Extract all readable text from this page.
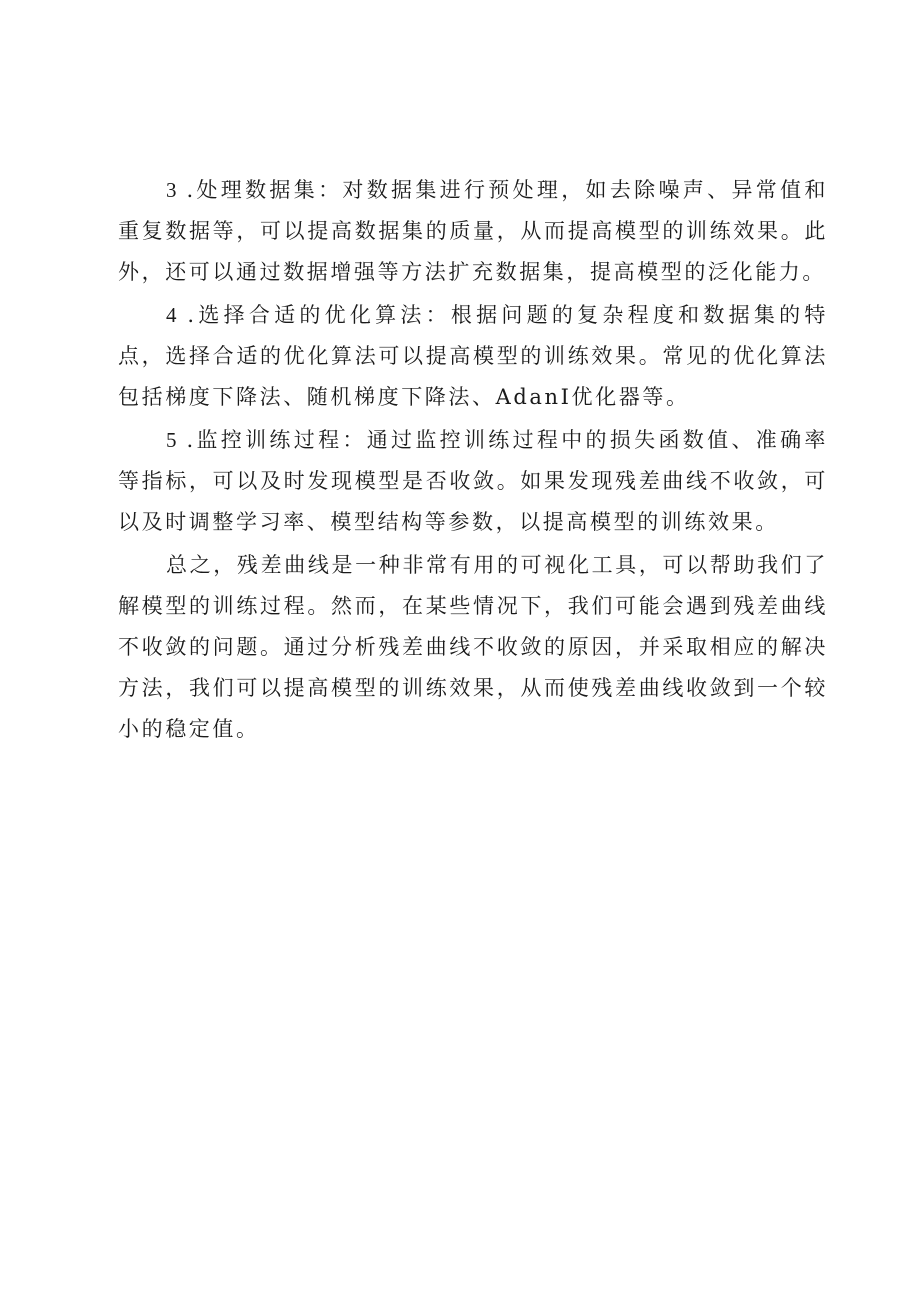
3 .处理数据集：对数据集进行预处理，如去除噪声、异常值和重复数据等，可以提高数据集的质量，从而提高模型的训练效果。此外，还可以通过数据增强等方法扩充数据集，提高模型的泛化能力。

4 .选择合适的优化算法：根据问题的复杂程度和数据集的特点，选择合适的优化算法可以提高模型的训练效果。常见的优化算法包括梯度下降法、随机梯度下降法、AdanI优化器等。

5 .监控训练过程：通过监控训练过程中的损失函数值、准确率等指标，可以及时发现模型是否收敛。如果发现残差曲线不收敛，可以及时调整学习率、模型结构等参数，以提高模型的训练效果。

总之，残差曲线是一种非常有用的可视化工具，可以帮助我们了解模型的训练过程。然而，在某些情况下，我们可能会遇到残差曲线不收敛的问题。通过分析残差曲线不收敛的原因，并采取相应的解决方法，我们可以提高模型的训练效果，从而使残差曲线收敛到一个较小的稳定值。
